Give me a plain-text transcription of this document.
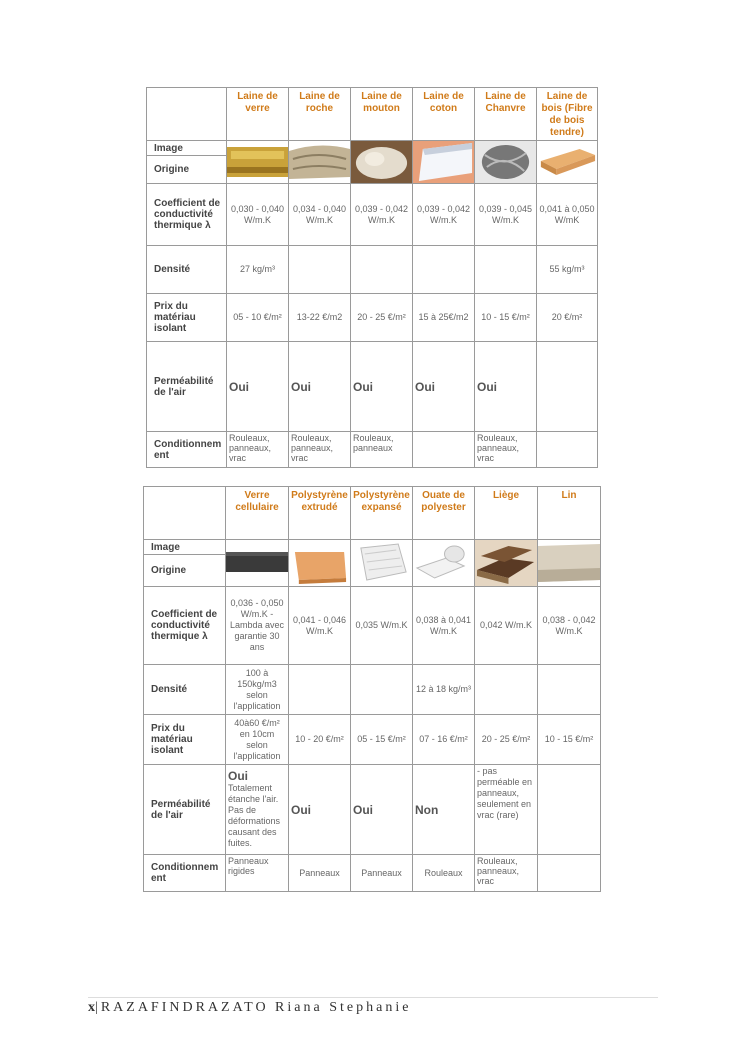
	Laine de verre	Laine de roche	Laine de mouton	Laine de coton	Laine de Chanvre	Laine de bois (Fibre de bois tendre)
Image	

Origine						
Coefficient de conductivité thermique λ	0,030 - 0,040 W/m.K	0,034 - 0,040 W/m.K	0,039 - 0,042 W/m.K	0,039 - 0,042 W/m.K	0,039 - 0,045 W/m.K	0,041 à 0,050 W/mK
Densité	27 kg/m³					55 kg/m³
Prix du matériau isolant	05 - 10 €/m²	13-22 €/m2	20 - 25 €/m²	15 à 25€/m2	10 - 15 €/m²	20 €/m²
Perméabilité de l'air	Oui	Oui	Oui	Oui	Oui	
Conditionnem ent	Rouleaux, panneaux, vrac	Rouleaux, panneaux, vrac	Rouleaux, panneaux		Rouleaux, panneaux, vrac	
	Verre cellulaire	Polystyrène extrudé	Polystyrène expansé	Ouate de polyester	Liège	Lin
Image	

Origine						
Coefficient de conductivité thermique λ	0,036 - 0,050 W/m.K - Lambda avec garantie 30 ans	0,041 - 0,046 W/m.K	0,035 W/m.K	0,038 à 0,041 W/m.K	0,042 W/m.K	0,038 - 0,042 W/m.K
Densité	100 à 150kg/m3 selon l'application			12 à 18 kg/m³		
Prix du matériau isolant	40à60 €/m² en 10cm selon l'application	10 - 20 €/m²	05 - 15 €/m²	07 - 16 €/m²	20 - 25 €/m²	10 - 15 €/m²
Perméabilité de l'air	Oui Totalement étanche l'air. Pas de déformations causant des fuites.	Oui	Oui	Non	- pas perméable en panneaux, seulement en vrac (rare)	
Conditionnem ent	Panneaux rigides	Panneaux	Panneaux	Rouleaux	Rouleaux, panneaux, vrac	
x|RAZAFINDRAZATO Riana Stephanie
